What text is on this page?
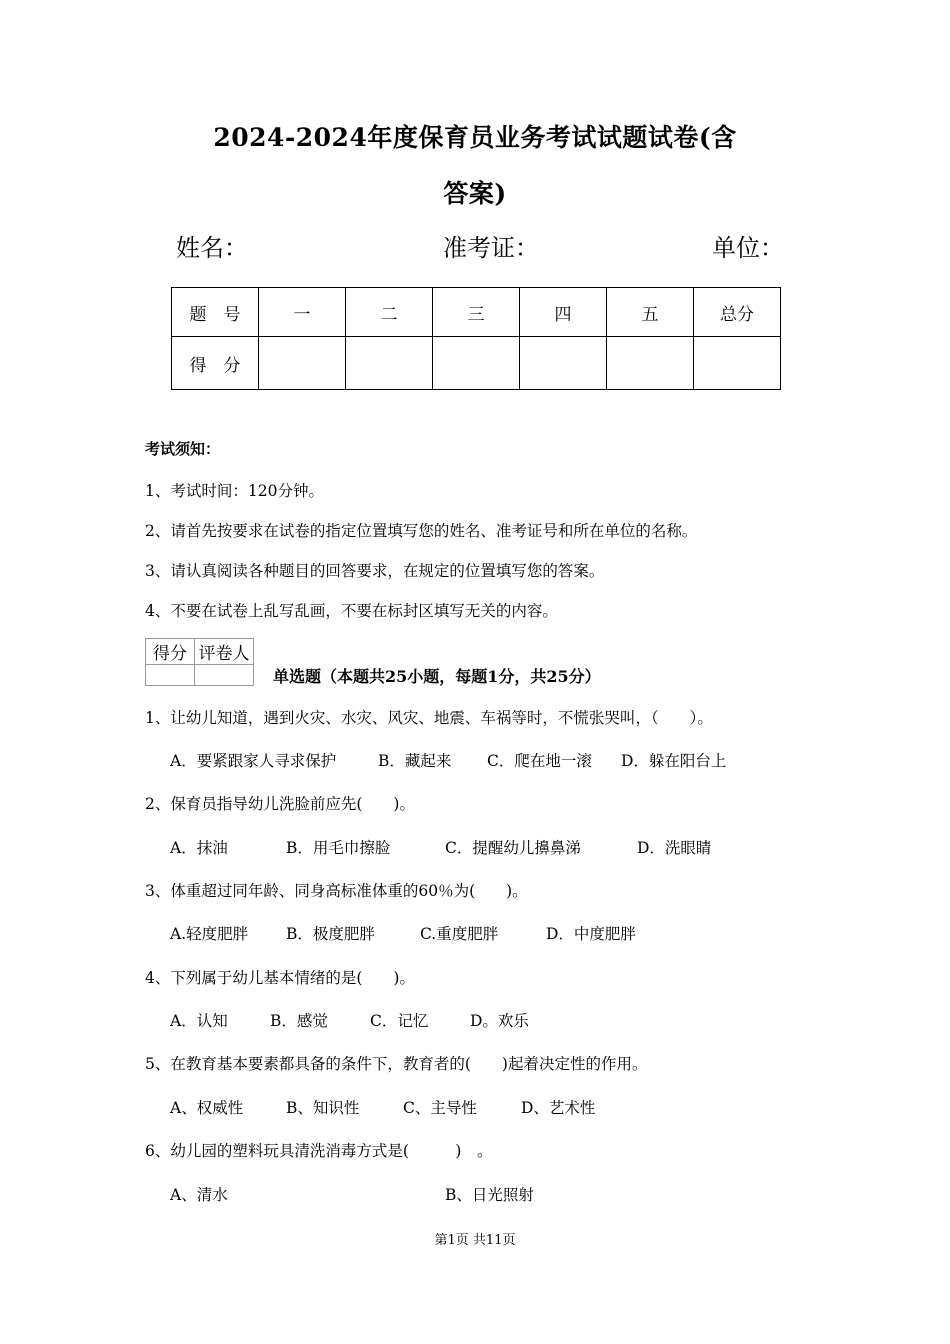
2024-2024年度保育员业务考试试题试卷(含
答案)
姓名：	准考证：	单位：
题　号	一	二	三	四	五	总分
得　分						
考试须知：
1、考试时间：120分钟。
2、请首先按要求在试卷的指定位置填写您的姓名、准考证号和所在单位的名称。
3、请认真阅读各种题目的回答要求，在规定的位置填写您的答案。
4、不要在试卷上乱写乱画，不要在标封区填写无关的内容。
得分	评卷人

单选题（本题共25小题，每题1分，共25分）
1、让幼儿知道，遇到火灾、水灾、风灾、地震、车祸等时，不慌张哭叫，（　　）。
A．要紧跟家人寻求保护	B．藏起来 C．爬在地一滚 D．躲在阳台上
2、保育员指导幼儿洗脸前应先(　　)。
A．抹油	B．用毛巾擦脸	C．提醒幼儿擤鼻涕	D．洗眼睛
3、体重超过同年龄、同身高标准体重的60％为(　　)。
A.轻度肥胖 B．极度肥胖	C.重度肥胖	D．中度肥胖
4、下列属于幼儿基本情绪的是(　　)。
A．认知	B．感觉	C．记忆	D。欢乐
5、在教育基本要素都具备的条件下，教育者的(　　)起着决定性的作用。
A、权威性	B、知识性	C、主导性	D、艺术性
6、幼儿园的塑料玩具清洗消毒方式是(　　　)　。
A、清水	B、日光照射
第1页 共11页
